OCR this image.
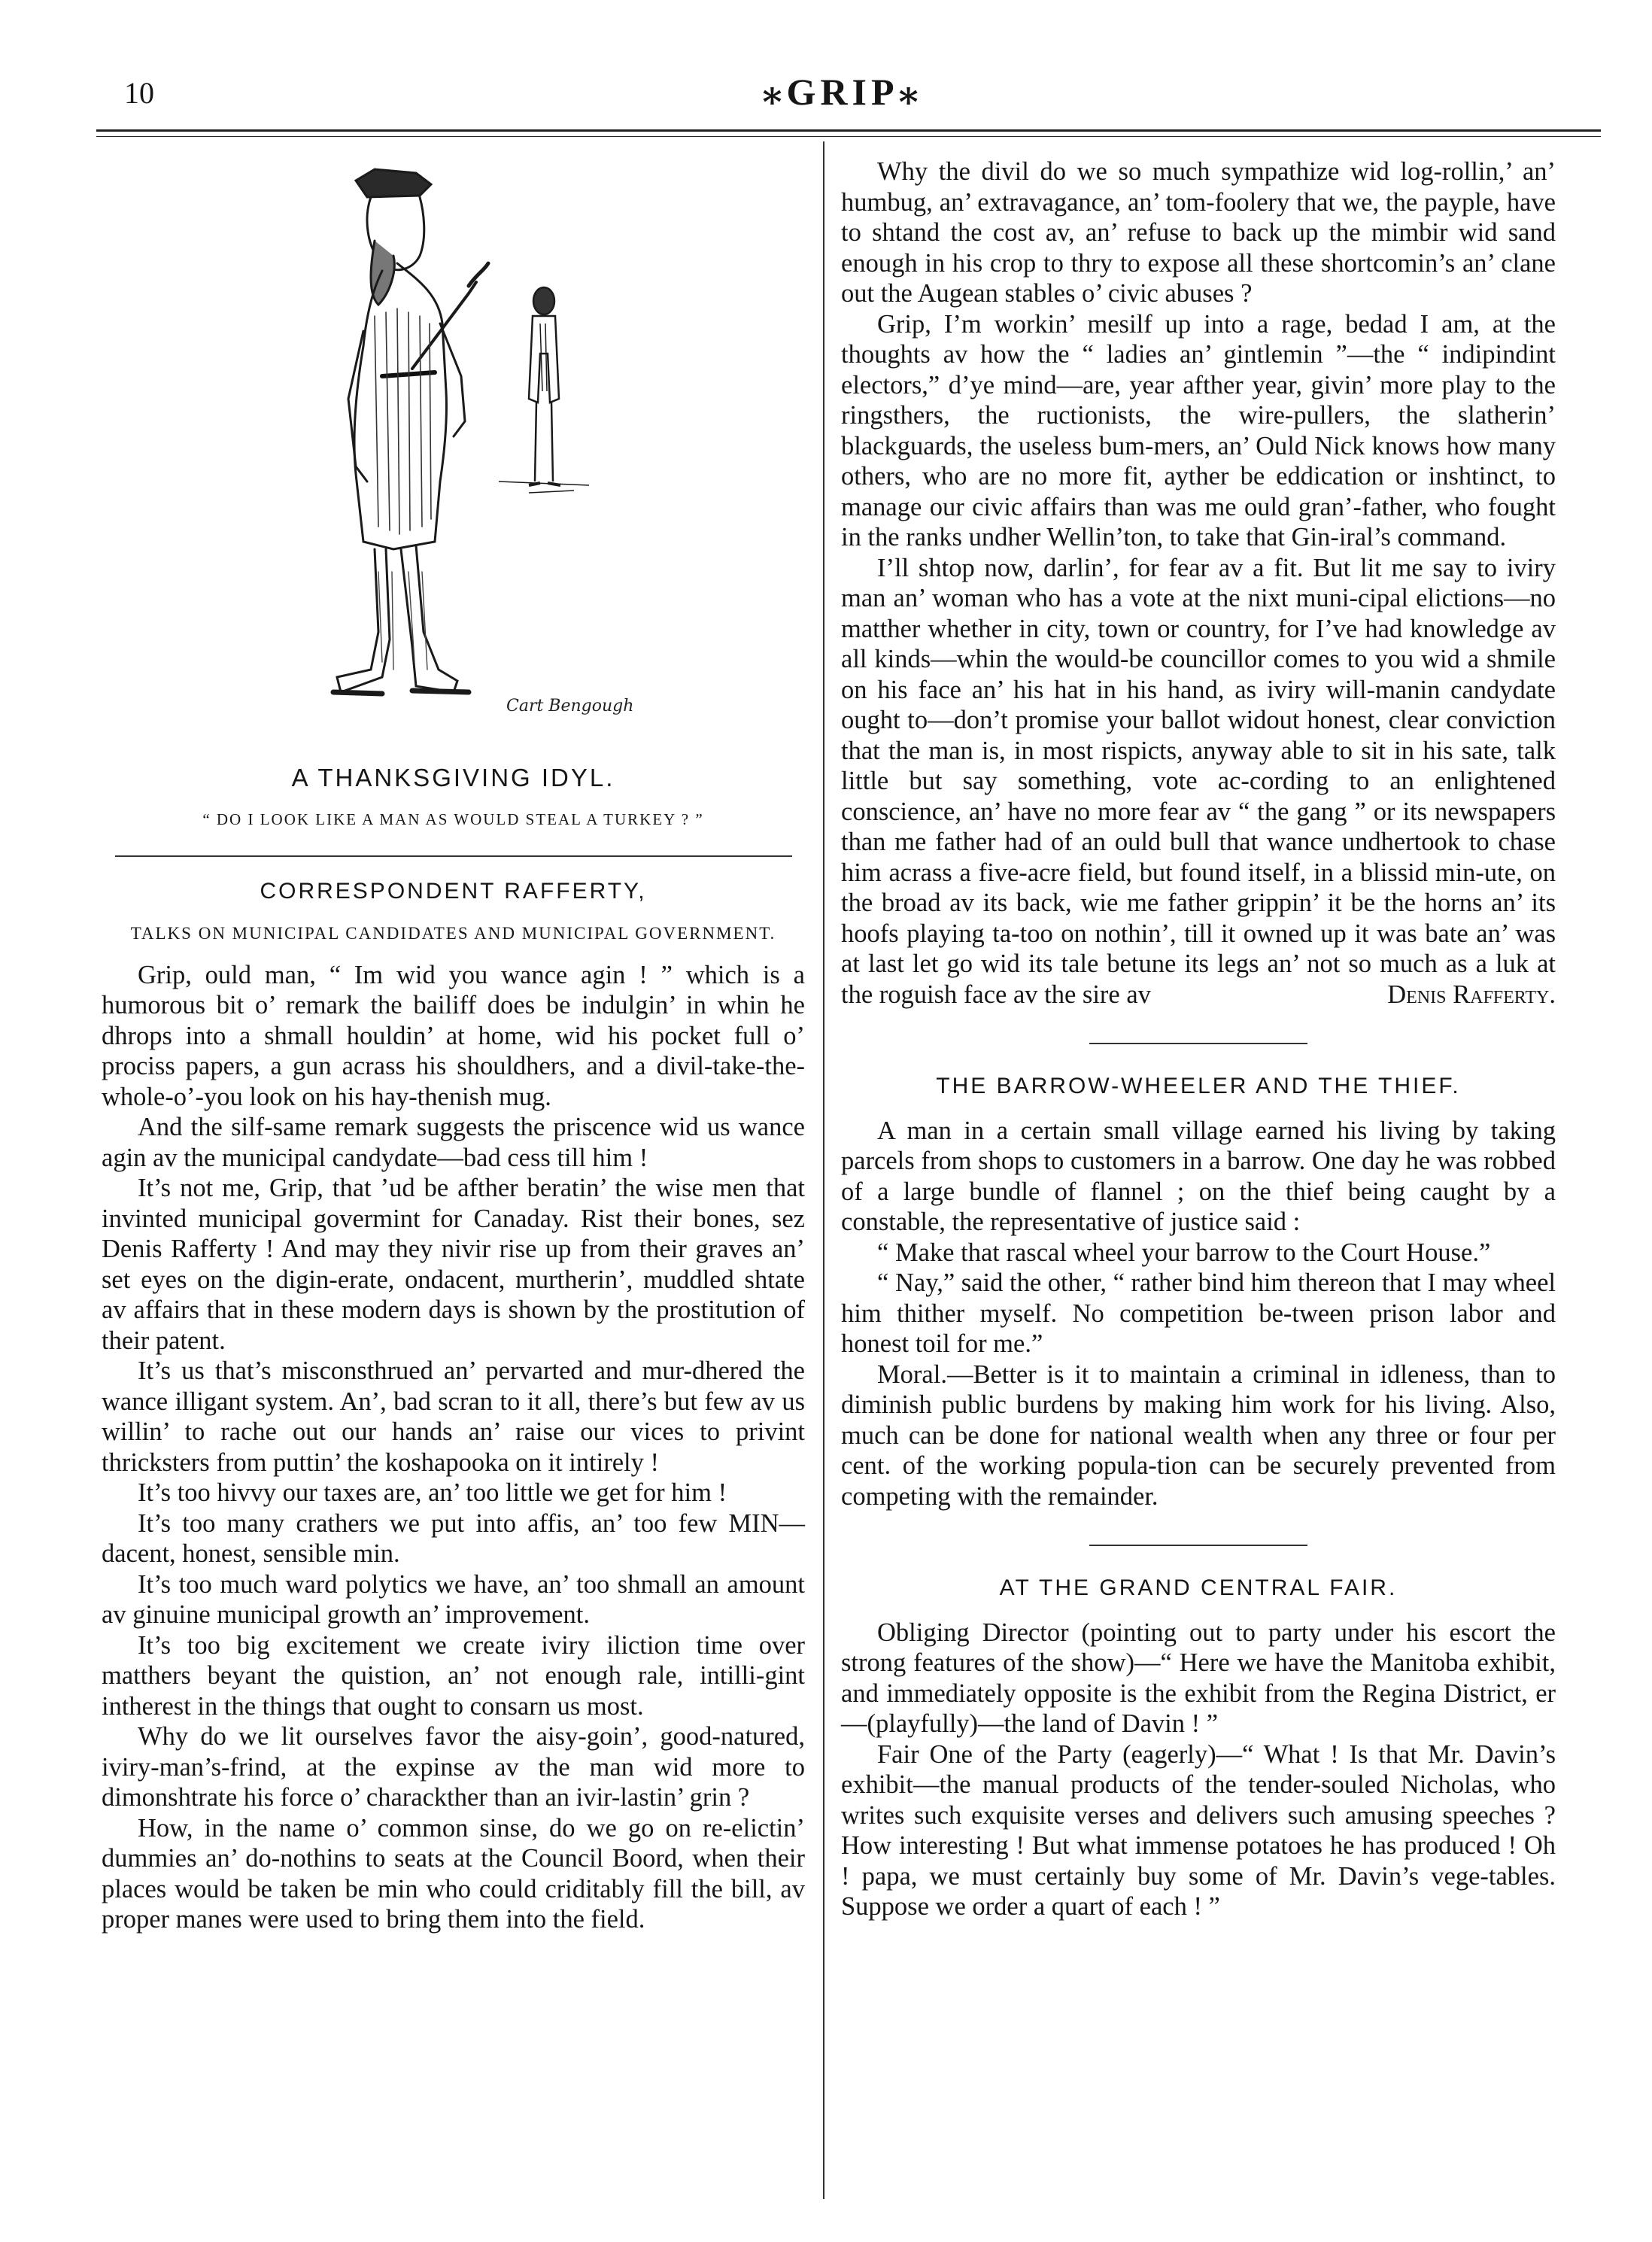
10	⁎GRIP⁎
Cart Bengough
A THANKSGIVING IDYL.
“ DO I LOOK LIKE A MAN AS WOULD STEAL A TURKEY ? ”
CORRESPONDENT RAFFERTY,
TALKS ON MUNICIPAL CANDIDATES AND MUNICIPAL GOVERNMENT.

Grip, ould man, “ Im wid you wance agin ! ” which is a humorous bit o’ remark the bailiff does be indulgin’ in whin he dhrops into a shmall houldin’ at home, wid his pocket full o’ prociss papers, a gun acrass his shouldhers, and a divil-take-the-whole-o’-you look on his hay-thenish mug.

And the silf-same remark suggests the priscence wid us wance agin av the municipal candydate—bad cess till him !

It’s not me, Grip, that ’ud be afther beratin’ the wise men that invinted municipal govermint for Canaday. Rist their bones, sez Denis Rafferty ! And may they nivir rise up from their graves an’ set eyes on the digin-erate, ondacent, murtherin’, muddled shtate av affairs that in these modern days is shown by the prostitution of their patent.

It’s us that’s misconsthrued an’ pervarted and mur-dhered the wance illigant system. An’, bad scran to it all, there’s but few av us willin’ to rache out our hands an’ raise our vices to privint thricksters from puttin’ the koshapooka on it intirely !

It’s too hivvy our taxes are, an’ too little we get for him !

It’s too many crathers we put into affis, an’ too few MIN—dacent, honest, sensible min.

It’s too much ward polytics we have, an’ too shmall an amount av ginuine municipal growth an’ improvement.

It’s too big excitement we create iviry iliction time over matthers beyant the quistion, an’ not enough rale, intilli-gint intherest in the things that ought to consarn us most.

Why do we lit ourselves favor the aisy-goin’, good-natured, iviry-man’s-frind, at the expinse av the man wid more to dimonshtrate his force o’ charackther than an ivir-lastin’ grin ?

How, in the name o’ common sinse, do we go on re-elictin’ dummies an’ do-nothins to seats at the Council Boord, when their places would be taken be min who could criditably fill the bill, av proper manes were used to bring them into the field.

Why the divil do we so much sympathize wid log-rollin,’ an’ humbug, an’ extravagance, an’ tom-foolery that we, the payple, have to shtand the cost av, an’ refuse to back up the mimbir wid sand enough in his crop to thry to expose all these shortcomin’s an’ clane out the Augean stables o’ civic abuses ?

Grip, I’m workin’ mesilf up into a rage, bedad I am, at the thoughts av how the “ ladies an’ gintlemin ”—the “ indipindint electors,” d’ye mind—are, year afther year, givin’ more play to the ringsthers, the ructionists, the wire-pullers, the slatherin’ blackguards, the useless bum-mers, an’ Ould Nick knows how many others, who are no more fit, ayther be eddication or inshtinct, to manage our civic affairs than was me ould gran’-father, who fought in the ranks undher Wellin’ton, to take that Gin-iral’s command.

I’ll shtop now, darlin’, for fear av a fit. But lit me say to iviry man an’ woman who has a vote at the nixt muni-cipal elictions—no matther whether in city, town or country, for I’ve had knowledge av all kinds—whin the would-be councillor comes to you wid a shmile on his face an’ his hat in his hand, as iviry will-manin candydate ought to—don’t promise your ballot widout honest, clear conviction that the man is, in most rispicts, anyway able to sit in his sate, talk little but say something, vote ac-cording to an enlightened conscience, an’ have no more fear av “ the gang ” or its newspapers than me father had of an ould bull that wance undhertook to chase him acrass a five-acre field, but found itself, in a blissid min-ute, on the broad av its back, wie me father grippin’ it be the horns an’ its hoofs playing ta-too on nothin’, till it owned up it was bate an’ was at last let go wid its tale betune its legs an’ not so much as a luk at the roguish face av the sire av	Denis Rafferty.

THE BARROW-WHEELER AND THE THIEF.

A man in a certain small village earned his living by taking parcels from shops to customers in a barrow. One day he was robbed of a large bundle of flannel ; on the thief being caught by a constable, the representative of justice said :

“ Make that rascal wheel your barrow to the Court House.”

“ Nay,” said the other, “ rather bind him thereon that I may wheel him thither myself. No competition be-tween prison labor and honest toil for me.”

Moral.—Better is it to maintain a criminal in idleness, than to diminish public burdens by making him work for his living. Also, much can be done for national wealth when any three or four per cent. of the working popula-tion can be securely prevented from competing with the remainder.

AT THE GRAND CENTRAL FAIR.

Obliging Director (pointing out to party under his escort the strong features of the show)—“ Here we have the Manitoba exhibit, and immediately opposite is the exhibit from the Regina District, er—(playfully)—the land of Davin ! ”

Fair One of the Party (eagerly)—“ What ! Is that Mr. Davin’s exhibit—the manual products of the tender-souled Nicholas, who writes such exquisite verses and delivers such amusing speeches ? How interesting ! But what immense potatoes he has produced ! Oh ! papa, we must certainly buy some of Mr. Davin’s vege-tables. Suppose we order a quart of each ! ”
